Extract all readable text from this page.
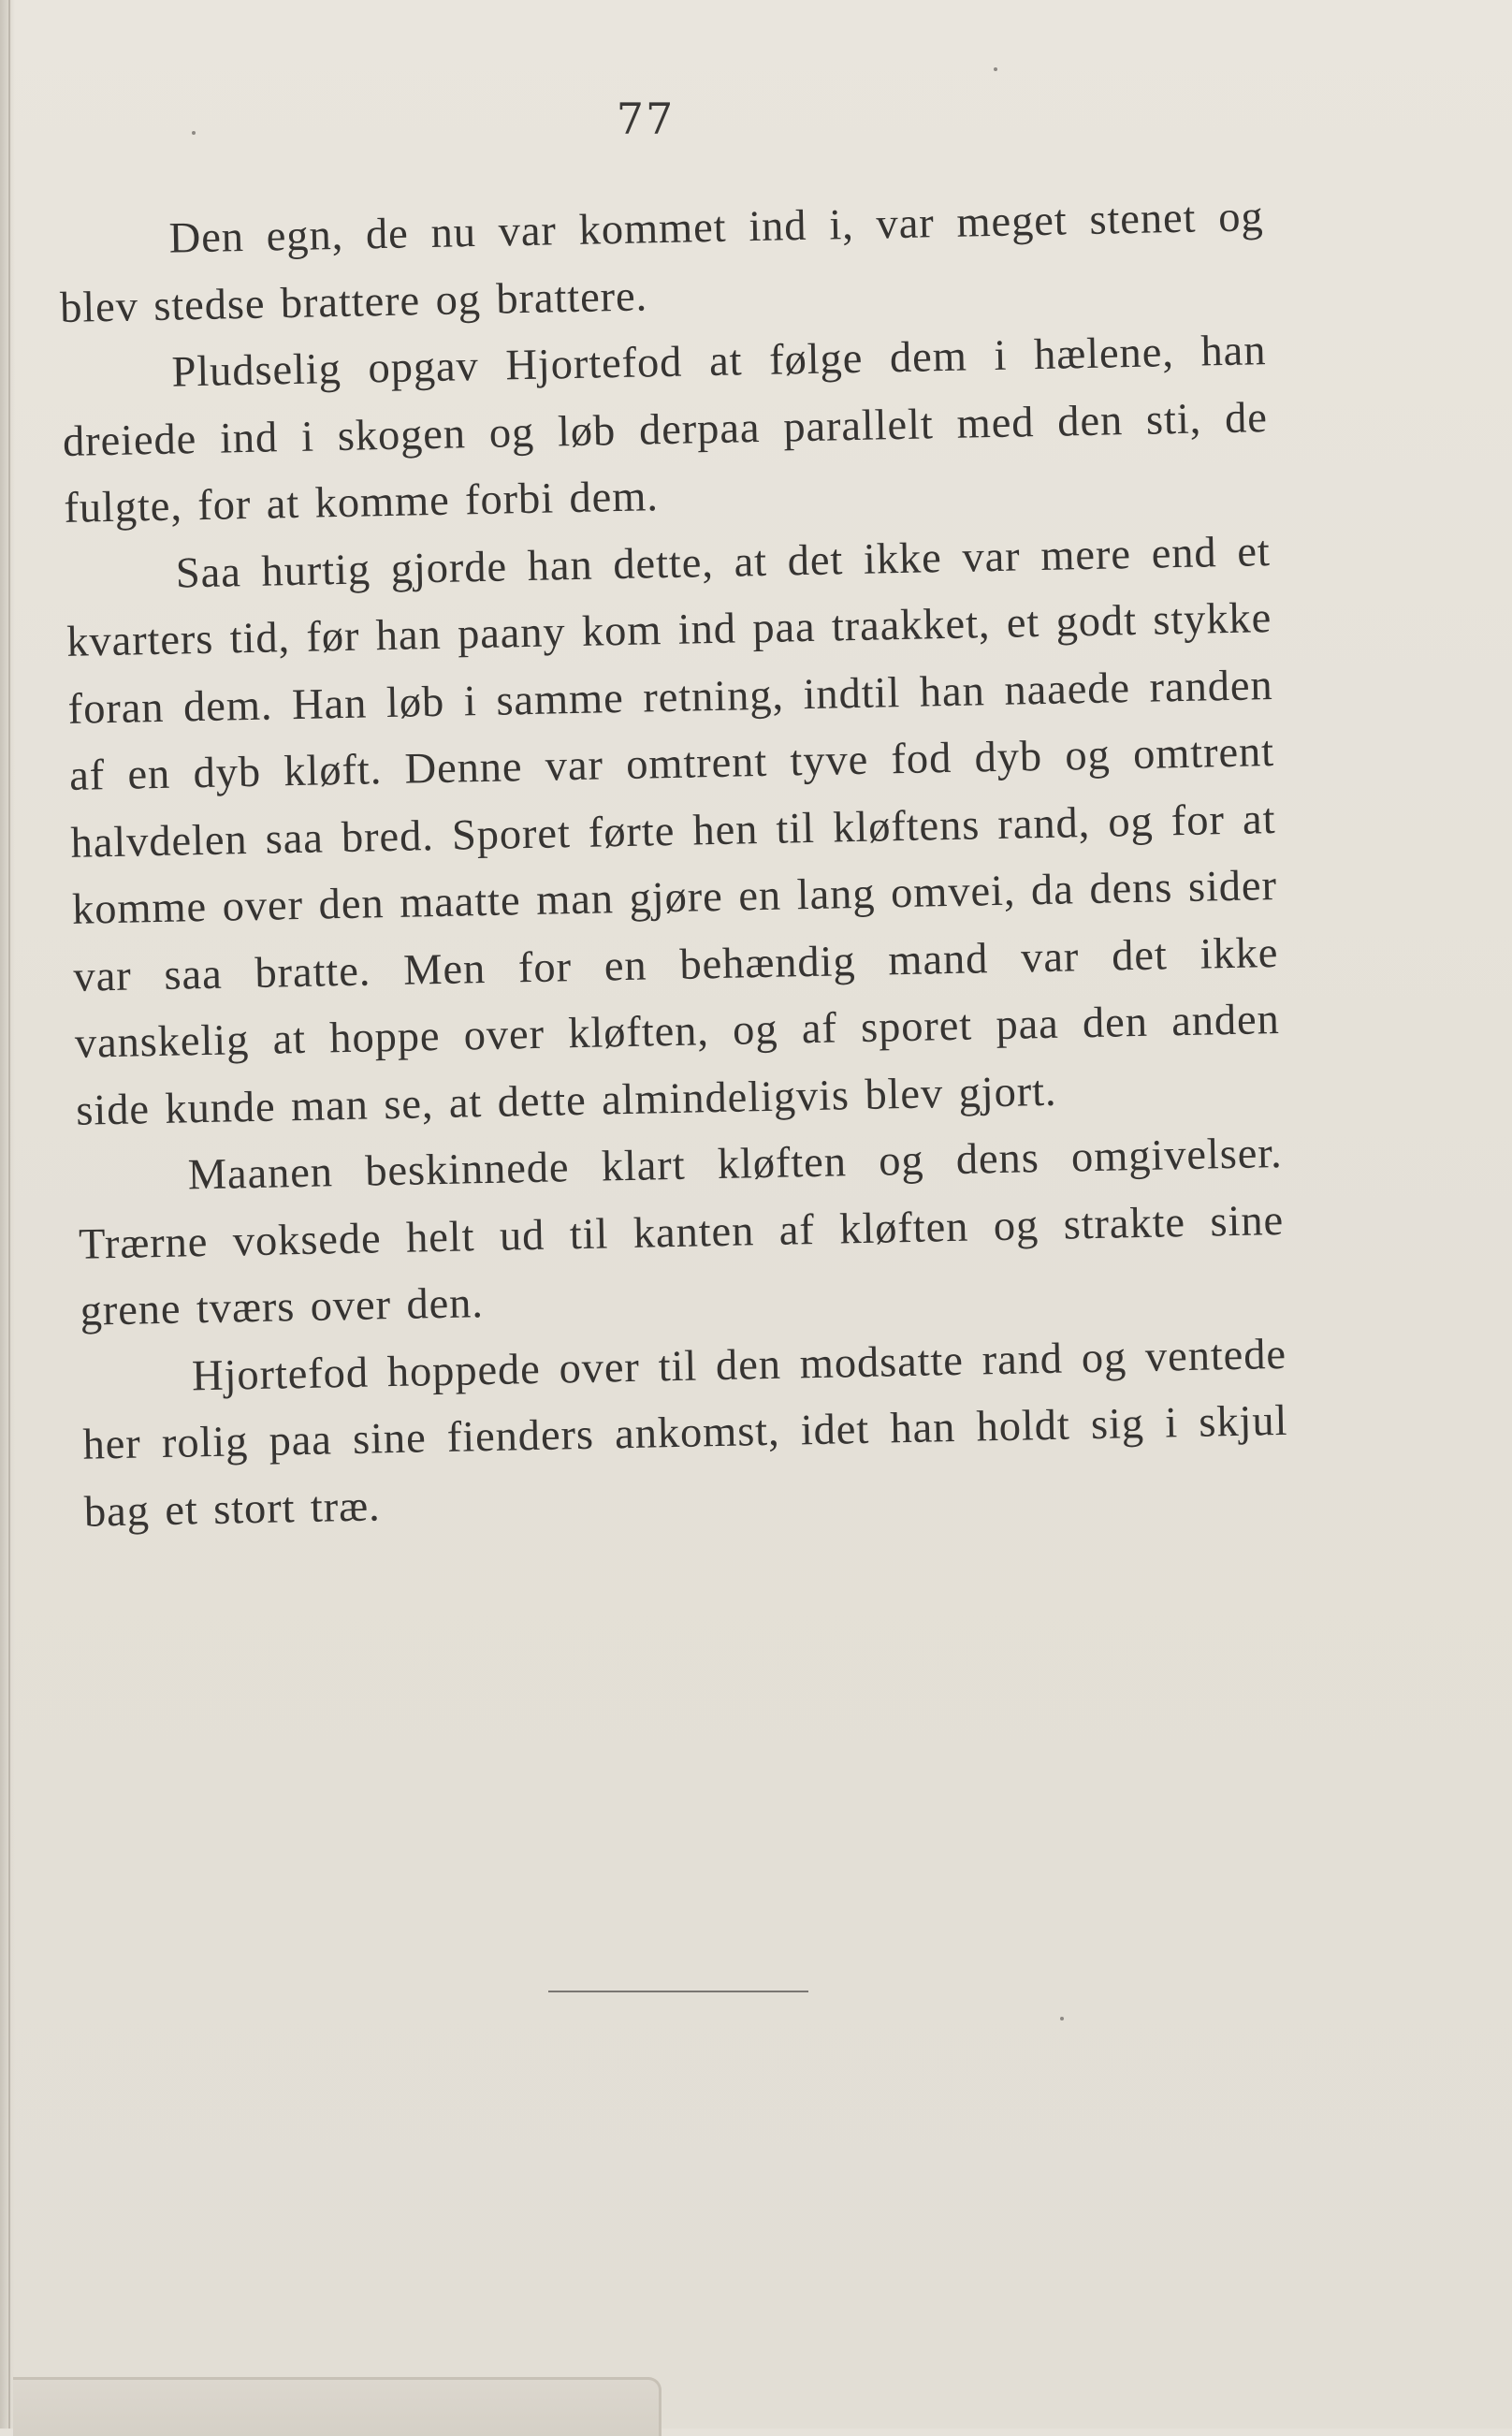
77

Den egn, de nu var kommet ind i, var meget stenet og blev stedse brattere og brattere.

Pludselig opgav Hjortefod at følge dem i hælene, han dreiede ind i skogen og løb derpaa parallelt med den sti, de fulgte, for at komme forbi dem.

Saa hurtig gjorde han dette, at det ikke var mere end et kvarters tid, før han paany kom ind paa traakket, et godt stykke foran dem. Han løb i samme retning, indtil han naaede randen af en dyb kløft. Denne var omtrent tyve fod dyb og omtrent halvdelen saa bred. Sporet førte hen til kløftens rand, og for at komme over den maatte man gjøre en lang omvei, da dens sider var saa bratte. Men for en behændig mand var det ikke vanskelig at hoppe over kløften, og af sporet paa den anden side kunde man se, at dette almindeligvis blev gjort.

Maanen beskinnede klart kløften og dens omgivelser. Trærne voksede helt ud til kanten af kløften og strakte sine grene tværs over den.

Hjortefod hoppede over til den modsatte rand og ventede her rolig paa sine fienders ankomst, idet han holdt sig i skjul bag et stort træ.
